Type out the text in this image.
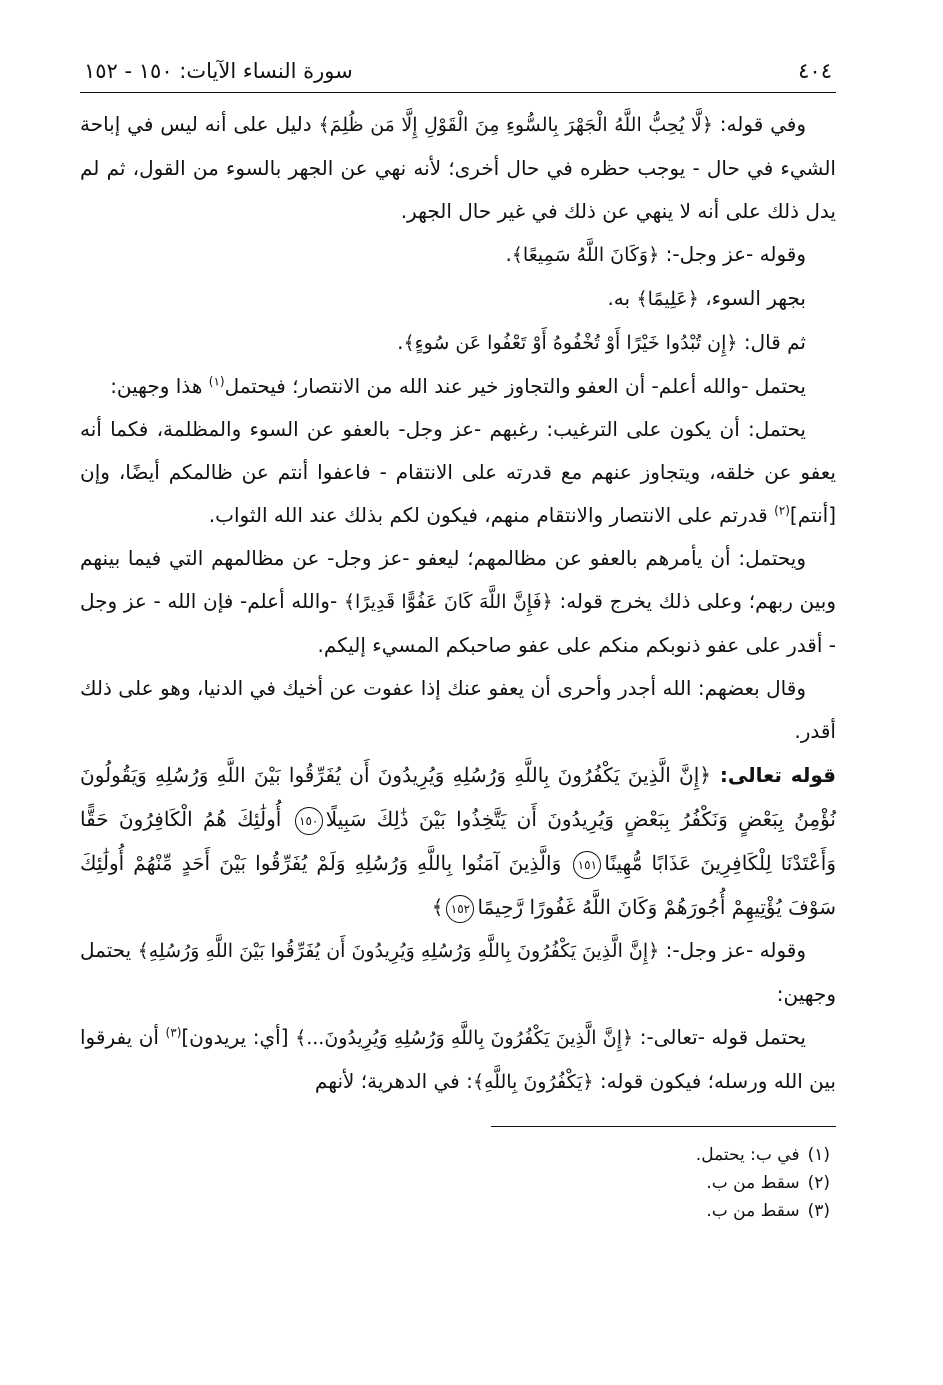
٤٠٤
سورة النساء الآيات: ١٥٠ - ١٥٢

وفي قوله: ﴿لَّا يُحِبُّ اللَّهُ الْجَهْرَ بِالسُّوءِ مِنَ الْقَوْلِ إِلَّا مَن ظُلِمَ﴾ دليل على أنه ليس في إباحة الشيء في حال - يوجب حظره في حال أخرى؛ لأنه نهي عن الجهر بالسوء من القول، ثم لم يدل ذلك على أنه لا ينهي عن ذلك في غير حال الجهر.

وقوله -عز وجل-: ﴿وَكَانَ اللَّهُ سَمِيعًا﴾.

بجهر السوء، ﴿عَلِيمًا﴾ به.

ثم قال: ﴿إِن تُبْدُوا خَيْرًا أَوْ تُخْفُوهُ أَوْ تَعْفُوا عَن سُوءٍ﴾.

يحتمل -والله أعلم- أن العفو والتجاوز خير عند الله من الانتصار؛ فيحتمل$^{(١)}$ هذا وجهين:

يحتمل: أن يكون على الترغيب: رغبهم -عز وجل- بالعفو عن السوء والمظلمة، فكما أنه يعفو عن خلقه، ويتجاوز عنهم مع قدرته على الانتقام - فاعفوا أنتم عن ظالمكم أيضًا، وإن [أنتم]$^{(٢)}$ قدرتم على الانتصار والانتقام منهم، فيكون لكم بذلك عند الله الثواب.

ويحتمل: أن يأمرهم بالعفو عن مظالمهم؛ ليعفو -عز وجل- عن مظالمهم التي فيما بينهم وبين ربهم؛ وعلى ذلك يخرج قوله: ﴿فَإِنَّ اللَّهَ كَانَ عَفُوًّا قَدِيرًا﴾ -والله أعلم- فإن الله - عز وجل - أقدر على عفو ذنوبكم منكم على عفو صاحبكم المسيء إليكم.

وقال بعضهم: الله أجدر وأحرى أن يعفو عنك إذا عفوت عن أخيك في الدنيا، وهو على ذلك أقدر.

قوله تعالى: ﴿إِنَّ الَّذِينَ يَكْفُرُونَ بِاللَّهِ وَرُسُلِهِ وَيُرِيدُونَ أَن يُفَرِّقُوا بَيْنَ اللَّهِ وَرُسُلِهِ وَيَقُولُونَ نُؤْمِنُ بِبَعْضٍ وَنَكْفُرُ بِبَعْضٍ وَيُرِيدُونَ أَن يَتَّخِذُوا بَيْنَ ذَٰلِكَ سَبِيلًا١٥٠ أُولَٰئِكَ هُمُ الْكَافِرُونَ حَقًّا وَأَعْتَدْنَا لِلْكَافِرِينَ عَذَابًا مُّهِينًا١٥١ وَالَّذِينَ آمَنُوا بِاللَّهِ وَرُسُلِهِ وَلَمْ يُفَرِّقُوا بَيْنَ أَحَدٍ مِّنْهُمْ أُولَٰئِكَ سَوْفَ يُؤْتِيهِمْ أُجُورَهُمْ وَكَانَ اللَّهُ غَفُورًا رَّحِيمًا١٥٢﴾

وقوله -عز وجل-: ﴿إِنَّ الَّذِينَ يَكْفُرُونَ بِاللَّهِ وَرُسُلِهِ وَيُرِيدُونَ أَن يُفَرِّقُوا بَيْنَ اللَّهِ وَرُسُلِهِ﴾ يحتمل وجهين:

يحتمل قوله -تعالى-: ﴿إِنَّ الَّذِينَ يَكْفُرُونَ بِاللَّهِ وَرُسُلِهِ وَيُرِيدُونَ...﴾ [أي: يريدون]$^{(٣)}$ أن يفرقوا بين الله ورسله؛ فيكون قوله: ﴿يَكْفُرُونَ بِاللَّهِ﴾: في الدهرية؛ لأنهم

(١)في ب: يحتمل.

(٢)سقط من ب.

(٣)سقط من ب.
